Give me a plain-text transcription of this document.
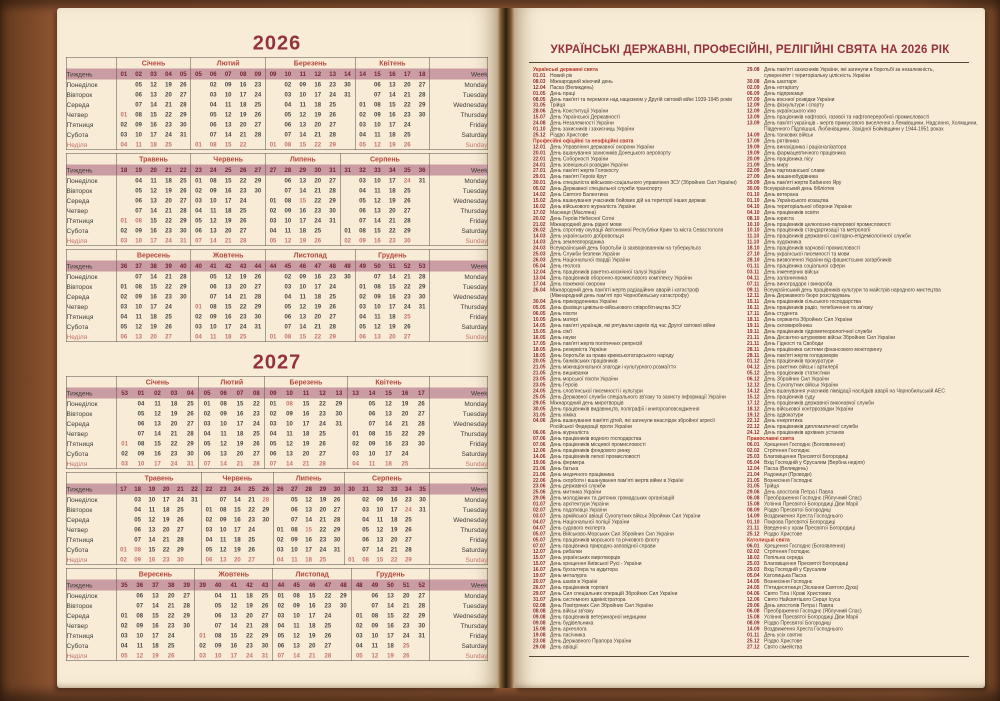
2026
	Січень					Лютий					Березень						Квітень					
Тиждень	01	02	03	04	05	05	06	07	08	09	09	10	11	12	13	14	14	15	16	17	18	Week
Понеділок		05	12	19	26		02	09	16	23		02	09	16	23	30		06	13	20	27	Monday
Вівторок		06	13	20	27		03	10	17	24		03	10	17	24	31		07	14	21	28	Tuesday
Середа		07	14	21	28		04	11	18	25		04	11	18	25		01	08	15	22	29	Wednesday
Четвер	01	08	15	22	29		05	12	19	26		05	12	19	26		02	09	16	23	30	Thursday
П'ятниця	02	09	16	23	30		06	13	20	27		06	13	20	27		03	10	17	24		Friday
Субота	03	10	17	24	31		07	14	21	28		07	14	21	28		04	11	18	25		Saturday
Неділя	04	11	18	25		01	08	15	22		01	08	15	22	29		05	12	19	26		Sunday
	Травень					Червень					Липень					Серпень						
Тиждень	18	19	20	21	22	23	24	25	26	27	27	28	29	30	31	31	32	33	34	35	36	Week
Понеділок		04	11	18	25	01	08	15	22	29		06	13	20	27		03	10	17	24	31	Monday
Вівторок		05	12	19	26	02	09	16	23	30		07	14	21	28		04	11	18	25		Tuesday
Середа		06	13	20	27	03	10	17	24		01	08	15	22	29		05	12	19	26		Wednesday
Четвер		07	14	21	28	04	11	18	25		02	09	16	23	30		06	13	20	27		Thursday
П'ятниця	01	08	15	22	29	05	12	19	26		03	10	17	24	31		07	14	21	28		Friday
Субота	02	09	16	23	30	06	13	20	27		04	11	18	25		01	08	15	22	29		Saturday
Неділя	03	10	17	24	31	07	14	21	28		05	12	19	26		02	09	16	23	30		Sunday
	Вересень					Жовтень					Листопад						Грудень					
Тиждень	36	37	38	39	40	40	41	42	43	44	44	45	46	47	48	49	49	50	51	52	53	Week
Понеділок		07	14	21	28		05	12	19	26		02	09	16	23	30		07	14	21	28	Monday
Вівторок	01	08	15	22	29		06	13	20	27		03	10	17	24		01	08	15	22	29	Tuesday
Середа	02	09	16	23	30		07	14	21	28		04	11	18	25		02	09	16	23	30	Wednesday
Четвер	03	10	17	24		01	08	15	22	29		05	12	19	26		03	10	17	24	31	Thursday
П'ятниця	04	11	18	25		02	09	16	23	30		06	13	20	27		04	11	18	25		Friday
Субота	05	12	19	26		03	10	17	24	31		07	14	21	28		05	12	19	26		Saturday
Неділя	06	13	20	27		04	11	18	25		01	08	15	22	29		06	13	20	27		Sunday
2027
	Січень					Лютий				Березень					Квітень					
Тиждень	53	01	02	03	04	05	06	07	08	09	10	11	12	13	13	14	15	16	17	Week
Понеділок		04	11	18	25	01	08	15	22	01	08	15	22	29		05	12	19	26	Monday
Вівторок		05	12	19	26	02	09	16	23	02	09	16	23	30		06	13	20	27	Tuesday
Середа		06	13	20	27	03	10	17	24	03	10	17	24	31		07	14	21	28	Wednesday
Четвер		07	14	21	28	04	11	18	25	04	11	18	25		01	08	15	22	29	Thursday
П'ятниця	01	08	15	22	29	05	12	19	26	05	12	19	26		02	09	16	23	30	Friday
Субота	02	09	16	23	30	06	13	20	27	06	13	20	27		03	10	17	24		Saturday
Неділя	03	10	17	24	31	07	14	21	28	07	14	21	28		04	11	18	25		Sunday
	Травень						Червень					Липень					Серпень						
Тиждень	17	18	19	20	21	22	22	23	24	25	26	26	27	28	29	30	30	31	32	33	34	35	Week
Понеділок		03	10	17	24	31		07	14	21	28		05	12	19	26		02	09	16	23	30	Monday
Вівторок		04	11	18	25		01	08	15	22	29		06	13	20	27		03	10	17	24	31	Tuesday
Середа		05	12	19	26		02	09	16	23	30		07	14	21	28		04	11	18	25		Wednesday
Четвер		06	13	20	27		03	10	17	24		01	08	15	22	29		05	12	19	26		Thursday
П'ятниця		07	14	21	28		04	11	18	25		02	09	16	23	30		06	13	20	27		Friday
Субота	01	08	15	22	29		05	12	19	26		03	10	17	24	31		07	14	21	28		Saturday
Неділя	02	09	16	23	30		06	13	20	27		04	11	18	25		01	08	15	22	29		Sunday
	Вересень					Жовтень					Листопад					Грудень					
Тиждень	35	36	37	38	39	39	40	41	42	43	44	45	46	47	48	48	49	50	51	52	Week
Понеділок		06	13	20	27		04	11	18	25	01	08	15	22	29		06	13	20	27	Monday
Вівторок		07	14	21	28		05	12	19	26	02	09	16	23	30		07	14	21	28	Tuesday
Середа	01	08	15	22	29		06	13	20	27	03	10	17	24		01	08	15	22	29	Wednesday
Четвер	02	09	16	23	30		07	14	21	28	04	11	18	25		02	09	16	23	30	Thursday
П'ятниця	03	10	17	24		01	08	15	22	29	05	12	19	26		03	10	17	24	31	Friday
Субота	04	11	18	25		02	09	16	23	30	06	13	20	27		04	11	18	25		Saturday
Неділя	05	12	19	26		03	10	17	24	31	07	14	21	28		05	12	19	26		Sunday
УКРАЇНСЬКІ ДЕРЖАВНІ, ПРОФЕСІЙНІ, РЕЛІГІЙНІ СВЯТА НА 2026 РІК
Українські державні свята
01.01 Новий рік
08.03 Міжнародний жіночий день
12.04 Паска (Великдень)
01.05 День праці
08.05 День пам'яті та перемоги над нацизмом у Другій світовій війні 1939-1945 років
31.05 Трійця
28.06 День Конституції України
15.07 День Української Державності
24.08 День Незалежності України
01.10 День захисників і захисниць України
25.12 Різдво Христове
Професійні офіційні та неофіційні свята
12.01 День Управління державної охорони України
20.01 День вшанування захисників Донецького аеропорту
22.01 День Соборності України
24.01 День зовнішньої розвідки України
27.01 День пам'яті жертв Голокосту
29.01 День пам'яті Героїв Крут
30.01 День спеціаліста військово-соціального управління ЗСУ (Збройних Сил України)
05.02 День Державної спеціальної служби транспорту
14.02 День Святого Валентина
15.02 День вшанування учасників бойових дій на території інших держав
16.02 День військового журналіста України
17.02 Масниця (Масляна)
20.02 День Героїв Небесної Сотні
21.02 Міжнародний день рідної мови
26.02 День спротиву окупації Автономної Республіки Крим та міста Севастополя
14.03 День українського добровольця
14.03 День землевпорядника
24.03 Всеукраїнський день боротьби із захворюванням на туберкульоз
25.03 День Служби безпеки України
26.03 День Національної гвардії України
05.04 День геолога
12.04 День працівників ракетно-космічної галузі України
13.04 День працівників оборонно-промислового комплексу України
17.04 День пожежної охорони
26.04 Міжнародний день пам'яті жертв радіаційних аварій і катастроф
(Міжнародний день пам'яті про Чорнобильську катастрофу)
30.04 День прикордонника України
05.05 День фахівця цивільно-військового співробітництва ЗСУ
06.05 День піхоти
10.05 День матері
14.05 День пам'яті українців, які рятували євреїв під час Другої світової війни
15.05 День сім'ї
16.05 День науки
17.05 День пам'яті жертв політичних репресій
18.05 День резервіста України
18.05 День боротьби за права кримськотатарського народу
20.05 День банківських працівників
21.05 День міжнаціональної злагоди і культурного розмаїття
21.05 День вишиванки
23.05 День морської піхоти України
23.05 День Героїв
24.05 День слов'янської писемності і культури
25.05 День Державної служби спеціального зв'язку та захисту інформації України
29.05 Міжнародний день миротворців
30.05 День працівників видавництв, поліграфії і книгорозповсюдження
31.05 День хіміка
04.06 День вшанування пам'яті дітей, які загинули внаслідок збройної агресії
Російської Федерації проти України
06.06 День журналіста
07.06 День працівників водного господарства
07.06 День працівників місцевої промисловості
12.06 День працівників фондового ринку
14.06 День працівників легкої промисловості
19.06 День фермера
21.06 День батька
21.06 День медичного працівника
22.06 День скорботи і вшанування пам'яті жертв війни в Україні
23.06 День державної служби
25.06 День митника України
29.06 День молодіжних та дитячих громадських організацій
01.07 День архітектури України
02.07 День податківця України
03.07 День армійської авіації Сухопутних військ Збройних Сил України
04.07 День Національної поліції України
04.07 День судового експерта
05.07 День Військово-Морських Сил Збройних Сил України
05.07 День працівників морського та річкового флоту
07.07 День працівника природно-заповідної справи
12.07 День рибалки
15.07 День українських миротворців
15.07 День хрещення Київської Русі - України
16.07 День бухгалтера та аудитора
19.07 День металурга
20.07 День шахів в Україні
26.07 День працівників торгівлі
29.07 День Сил спеціальних операцій Збройних Сил України
31.07 День системного адміністратора
02.08 День Повітряних Сил Збройних Сил України
08.08 День військ зв'язку
09.08 День працівників ветеринарної медицини
09.08 День будівельника
15.08 День археолога
19.08 День пасічника
23.08 День Державного Прапора України
29.08 День авіації
29.08 День пам'яті захисників України, які загинули в боротьбі за незалежність,
суверенітет і територіальну цілісність України
30.08 День шахтаря
02.09 День нотаріату
06.09 День підприємця
07.09 День воєнної розвідки України
12.09 День фізкультури і спорту
12.09 День українського кіно
13.09 День працівників нафтової, газової та нафтопереробної промисловості
13.09 День пам'яті українців - жертв примусового виселення з Лемківщини, Надсяння, Холмщини,
Південного Підляшшя, Любачівщини, Західної Бойківщини у 1944-1951 роках
14.09 День танкових військ
17.09 День рятівника
19.09 День винахідника і раціоналізатора
19.09 День фармацевтичного працівника
20.09 День працівника лісу
21.09 День миру
22.09 День партизанської слави
27.09 День машинобудівника
29.09 День пам'яті жертв Бабиного Яру
30.09 Всеукраїнський день бібліотек
01.10 День ветерана
01.10 День Українського козацтва
04.10 День територіальної оборони України
04.10 День працівників освіти
08.10 День юриста
10.10 День працівників целюлозно-паперової промисловості
10.10 День працівників стандартизації та метрології
11.10 День працівників державної санітарно-епідеміологічної служби
11.10 День художника
18.10 День працівників харчової промисловості
27.10 День української писемності та мови
28.10 День визволення України від фашистських загарбників
01.11 День працівника соціальної сфери
03.11 День інженерних військ
04.11 День залізничника
07.11 День виноградаря і винороба
09.11 Всеукраїнський день працівників культури та майстрів народного мистецтва
12.11 День Державного бюро розслідувань
15.11 День працівників сільського господарства
16.11 День працівників радіо, телебачення та зв'язку
17.11 День студента
18.11 День сержанта Збройних Сил України
19.11 День скловиробника
19.11 День працівників гідрометеорологічної служби
21.11 День Десантно-штурмових військ Збройних Сил України
21.11 День Гідності та Свободи
28.11 День працівника системи фінансового моніторингу
28.11 День пам'яті жертв голодоморів
01.12 День працівників прокуратури
04.12 День ракетних військ і артилерії
05.12 День працівників статистики
06.12 День Збройних Сил України
12.12 День Сухопутних військ України
14.12 День вшанування учасників ліквідації наслідків аварії на Чорнобильській АЕС
15.12 День працівників суду
17.12 День працівників державної виконавчої служби
18.12 День військової контррозвідки України
19.12 День адвокатури
22.12 День енергетика
22.12 День працівників дипломатичної служби
24.12 День працівників архівних установ
Православні свята
06.01 Хрещення Господнє (Богоявлення)
02.02 Стрітення Господнє
25.03 Благовіщення Пресвятої Богородиці
05.04 Вхід Господній у Єрусалим (Вербна неділя)
12.04 Пасха (Великдень)
21.04 Радониця (Проводи)
21.05 Вознесіння Господнє
31.05 Трійця
29.06 День апостолів Петра і Павла
06.08 Преображення Господнє (Яблучний Спас)
15.08 Успіння Пресвятої Богородиці Діви Марії
08.09 Різдво Пресвятої Богородиці
14.09 Воздвиження Хреста Господнього
01.10 Покрова Пресвятої Богородиці
21.11 Введення у храм Пресвятої Богородиці
25.12 Різдво Христове
Католицькі свята
06.01 Хрещення Господнє (Богоявлення)
02.02 Стрітення Господнє
18.02 Попільна середа
25.03 Благовіщення Пресвятої Богородиці
29.03 Вхід Господній у Єрусалим
05.04 Католицька Пасха
14.05 Вознесіння Господнє
24.05 П'ятидесятниця (Зіслання Святого Духа)
04.06 Свято Тіла і Крові Христових
12.06 Свято Найсвятішого Серця Ісуса
29.06 День апостолів Петра і Павла
06.08 Преображення Господнє (Яблучний Спас)
15.08 Успіння Пресвятої Богородиці Діви Марії
08.09 Різдво Пресвятої Богородиці
14.09 Воздвиження Хреста Господнього
01.11 День усіх святих
25.12 Різдво Христове
27.12 Свято сімейства
